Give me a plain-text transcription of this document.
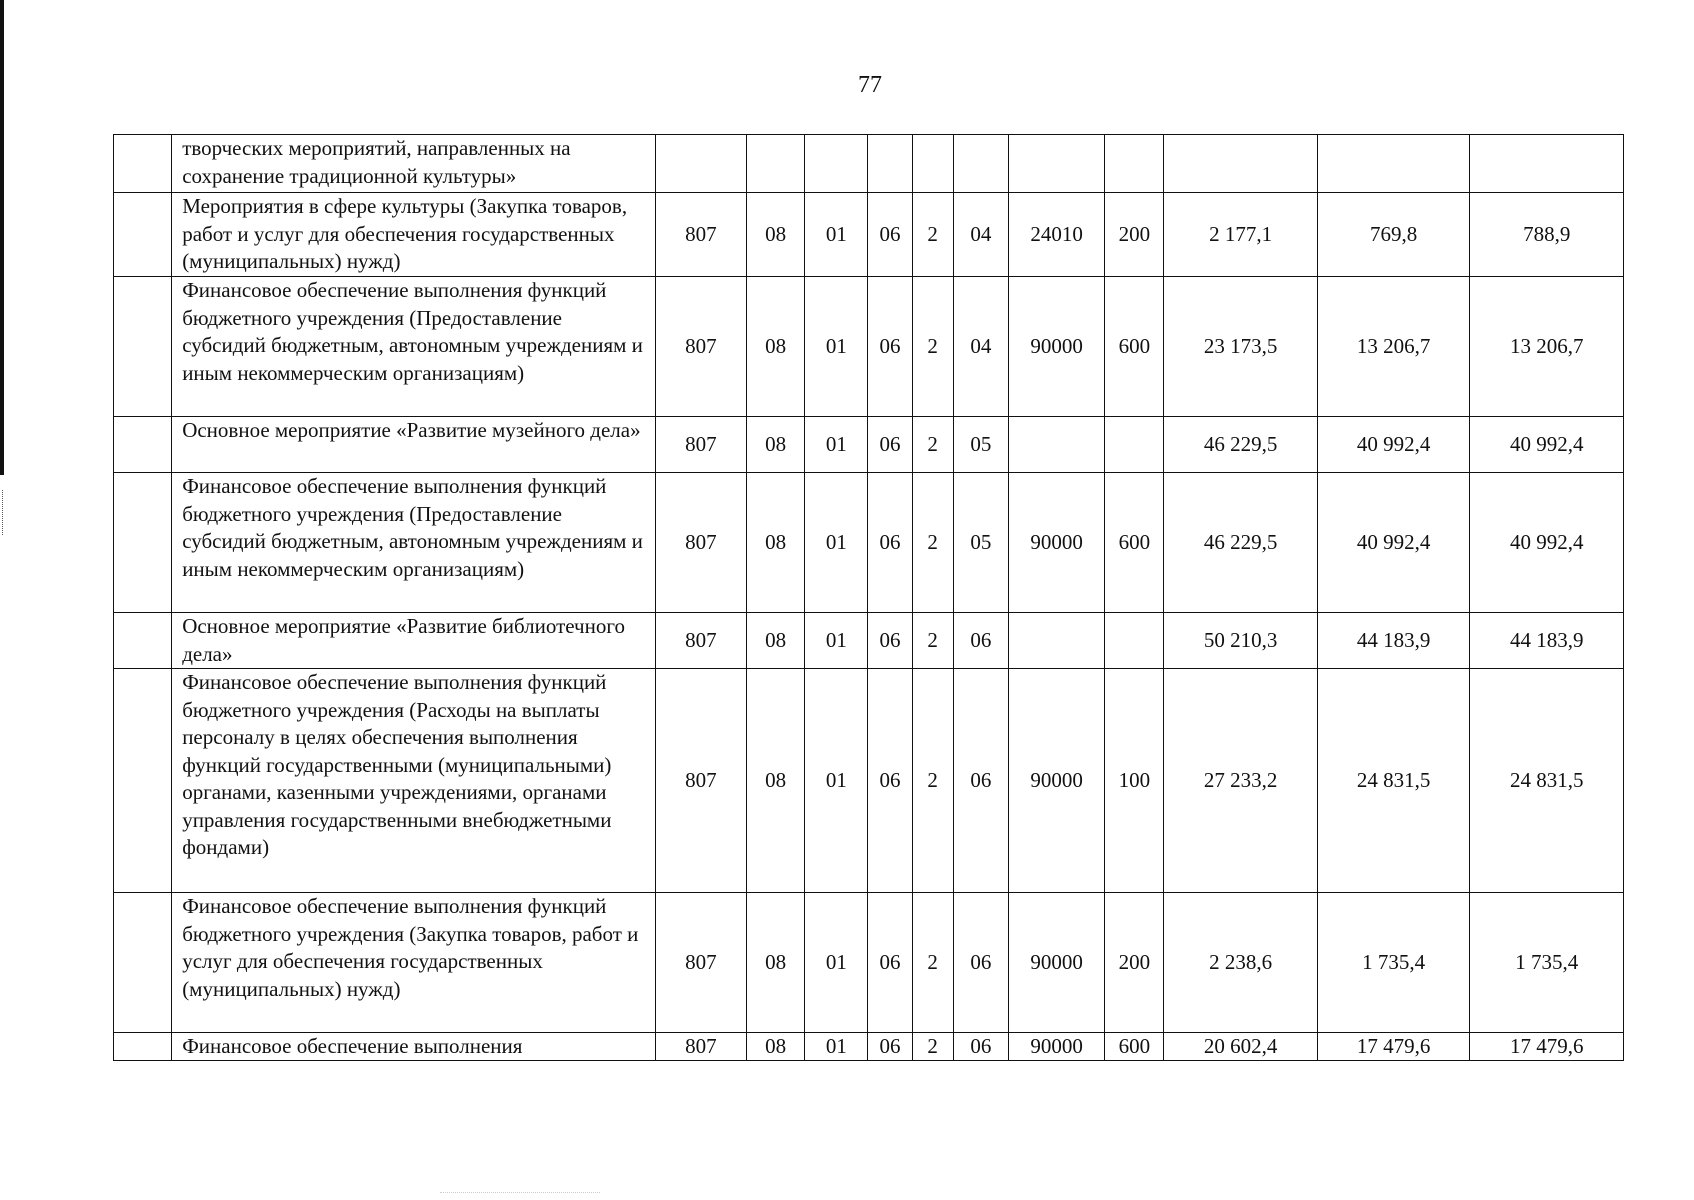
77
	творческих мероприятий, направленных на сохранение традиционной культуры»											
	Мероприятия в сфере культуры (Закупка товаров, работ и услуг для обеспечения государственных (муниципальных) нужд)	807	08	01	06	2	04	24010	200	2 177,1	769,8	788,9
	Финансовое обеспечение выполнения функций бюджетного учреждения (Предоставление субсидий бюджетным, автономным учреждениям и иным некоммерческим организациям)	807	08	01	06	2	04	90000	600	23 173,5	13 206,7	13 206,7
	Основное мероприятие «Развитие музейного дела»	807	08	01	06	2	05			46 229,5	40 992,4	40 992,4
	Финансовое обеспечение выполнения функций бюджетного учреждения (Предоставление субсидий бюджетным, автономным учреждениям и иным некоммерческим организациям)	807	08	01	06	2	05	90000	600	46 229,5	40 992,4	40 992,4
	Основное мероприятие «Развитие библиотечного дела»	807	08	01	06	2	06			50 210,3	44 183,9	44 183,9
	Финансовое обеспечение выполнения функций бюджетного учреждения (Расходы на выплаты персоналу в целях обеспечения выполнения функций государственными (муниципальными) органами, казенными учреждениями, органами управления государственными внебюджетными фондами)	807	08	01	06	2	06	90000	100	27 233,2	24 831,5	24 831,5
	Финансовое обеспечение выполнения функций бюджетного учреждения (Закупка товаров, работ и услуг для обеспечения государственных (муниципальных) нужд)	807	08	01	06	2	06	90000	200	2 238,6	1 735,4	1 735,4
	Финансовое обеспечение выполнения	807	08	01	06	2	06	90000	600	20 602,4	17 479,6	17 479,6
